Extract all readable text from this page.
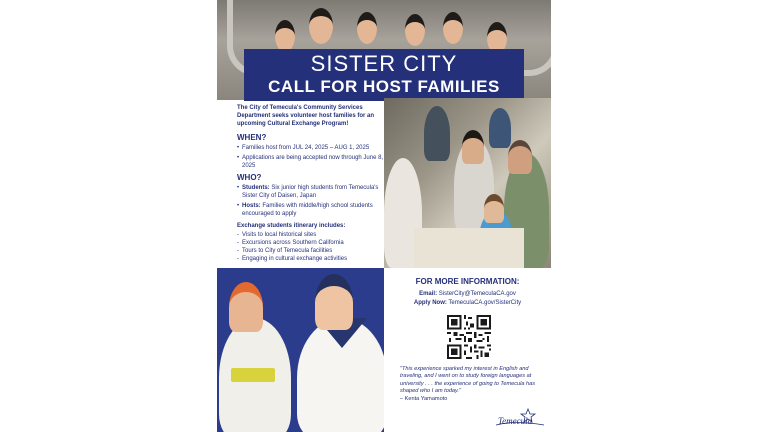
SISTER CITY
CALL FOR HOST FAMILIES
The City of Temecula's Community Services Department seeks volunteer host families for an upcoming Cultural Exchange Program!
WHEN?
• Families host from JUL 24, 2025 – AUG 1, 2025
• Applications are being accepted now through June 8, 2025
WHO?
• Students: Six junior high students from Temecula's Sister City of Daisen, Japan
• Hosts: Families with middle/high school students encouraged to apply
Exchange students itinerary includes:
- Visits to local historical sites
- Excursions across Southern California
- Tours to City of Temecula facilities
- Engaging in cultural exchange activities
FOR MORE INFORMATION:
Email: SisterCity@TemeculaCA.gov
Apply Now: TemeculaCA.gov/SisterCity
"This experience sparked my interest in English and traveling, and I went on to study foreign languages at university . . . the experience of going to Temecula has shaped who I am today."
– Kenta Yamamoto
Temecula
